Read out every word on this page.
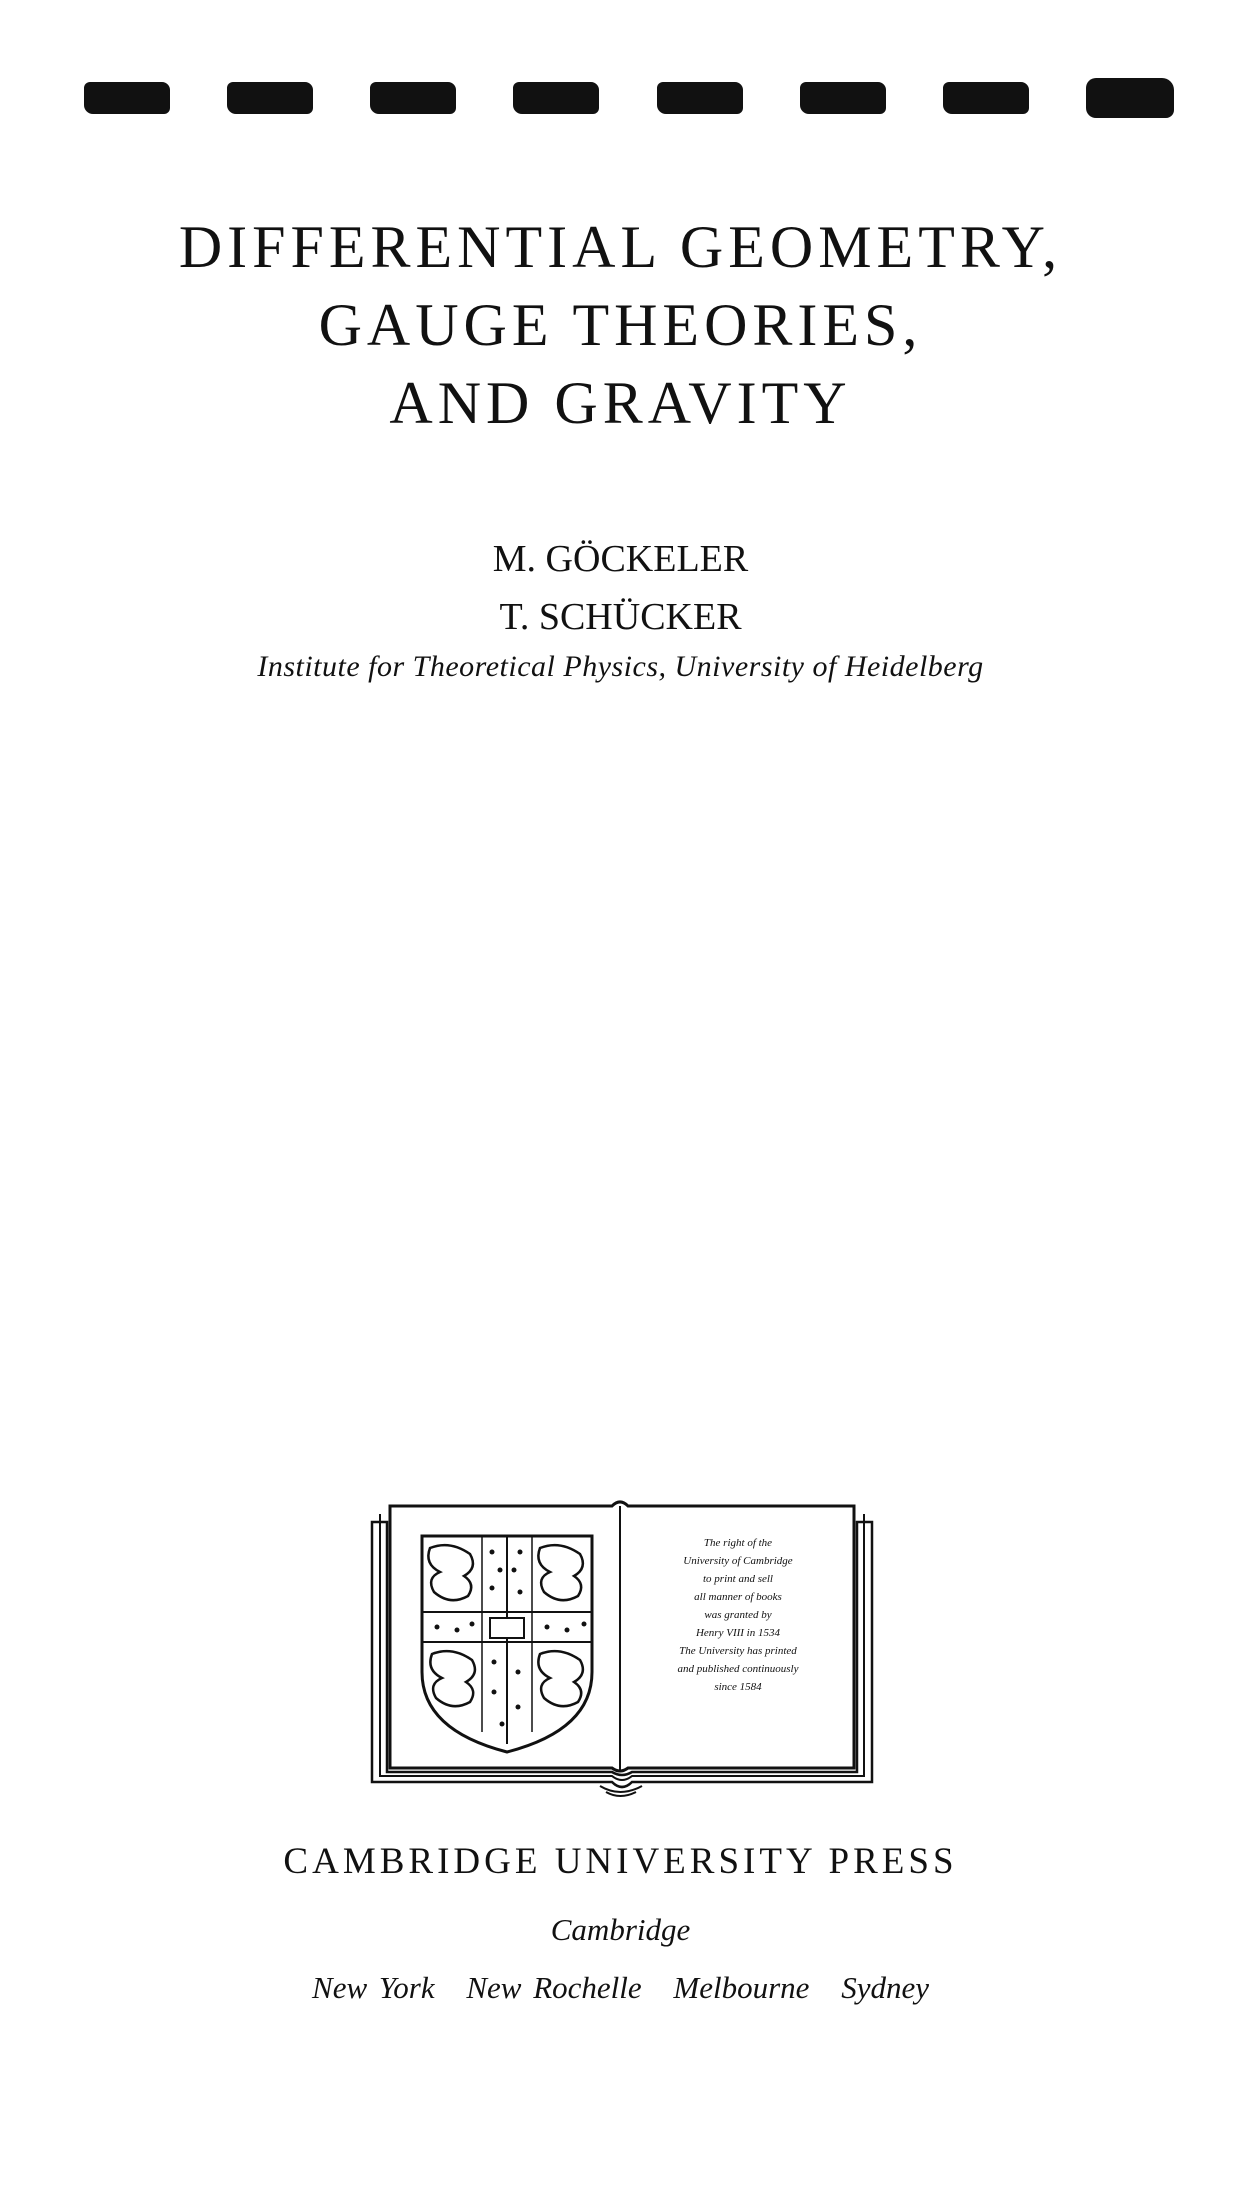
DIFFERENTIAL GEOMETRY,
GAUGE THEORIES,
AND GRAVITY
M. GÖCKELER
T. SCHÜCKER
Institute for Theoretical Physics, University of Heidelberg
The right of the
University of Cambridge
to print and sell
all manner of books
was granted by
Henry VIII in 1534
The University has printed
and published continuously
since 1584
CAMBRIDGE UNIVERSITY PRESS
Cambridge
New York New Rochelle Melbourne Sydney
